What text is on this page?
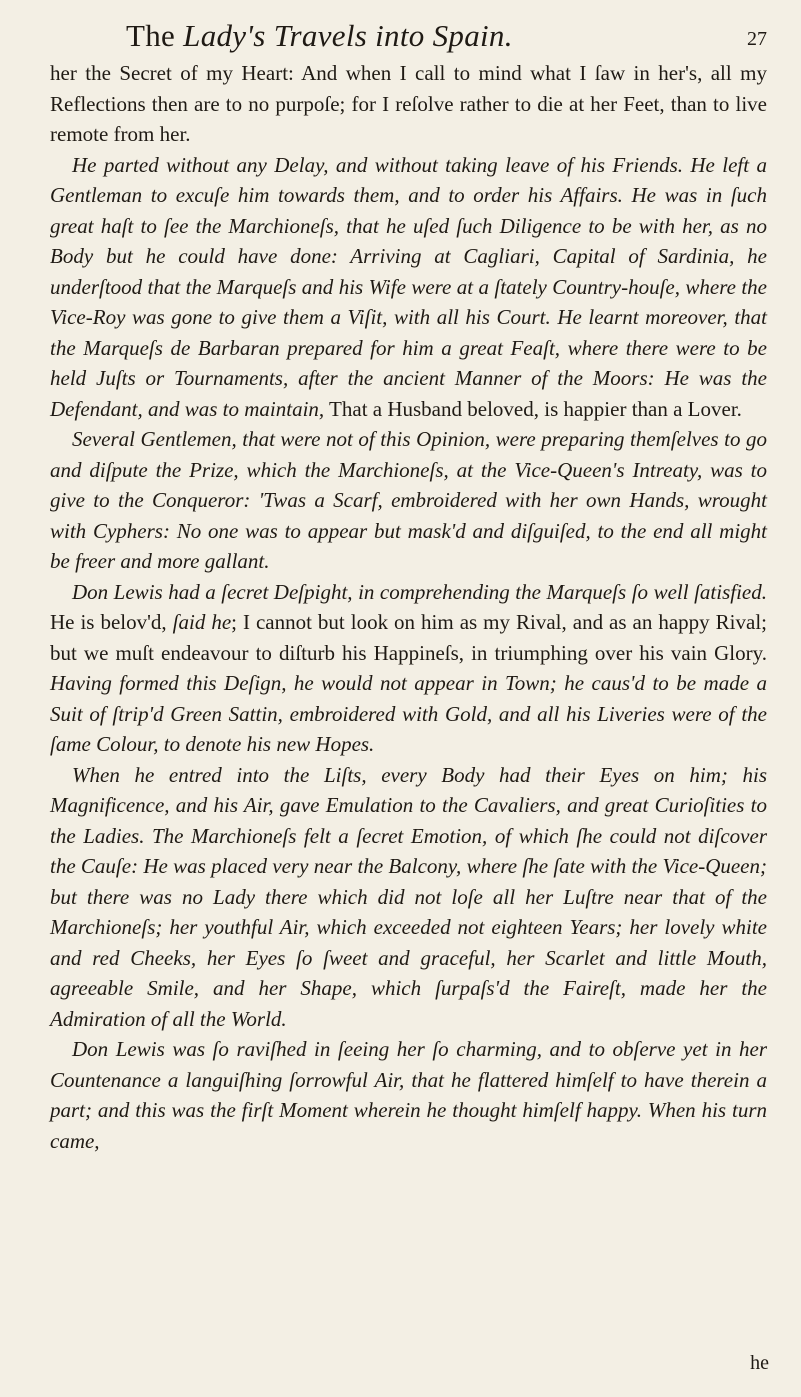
The Lady's Travels into Spain.	27

her the Secret of my Heart: And when I call to mind what I ſaw in her's, all my Reflections then are to no purpoſe; for I reſolve rather to die at her Feet, than to live remote from her.

He parted without any Delay, and without taking leave of his Friends. He left a Gentleman to excuſe him towards them, and to order his Affairs. He was in ſuch great haſt to ſee the Marchioneſs, that he uſed ſuch Diligence to be with her, as no Body but he could have done: Arriving at Cagliari, Capital of Sardinia, he underſtood that the Marqueſs and his Wife were at a ſtately Country-houſe, where the Vice-Roy was gone to give them a Viſit, with all his Court. He learnt moreover, that the Marqueſs de Barbaran prepared for him a great Feaſt, where there were to be held Juſts or Tournaments, after the ancient Manner of the Moors: He was the Defendant, and was to maintain, That a Husband beloved, is happier than a Lover.

Several Gentlemen, that were not of this Opinion, were preparing themſelves to go and diſpute the Prize, which the Marchioneſs, at the Vice-Queen's Intreaty, was to give to the Conqueror: 'Twas a Scarf, embroidered with her own Hands, wrought with Cyphers: No one was to appear but mask'd and diſguiſed, to the end all might be freer and more gallant.

Don Lewis had a ſecret Deſpight, in comprehending the Marqueſs ſo well ſatisfied. He is belov'd, ſaid he; I cannot but look on him as my Rival, and as an happy Rival; but we muſt endeavour to diſturb his Happineſs, in triumphing over his vain Glory. Having formed this Deſign, he would not appear in Town; he caus'd to be made a Suit of ſtrip'd Green Sattin, embroidered with Gold, and all his Liveries were of the ſame Colour, to denote his new Hopes.

When he entred into the Liſts, every Body had their Eyes on him; his Magnificence, and his Air, gave Emulation to the Cavaliers, and great Curioſities to the Ladies. The Marchioneſs felt a ſecret Emotion, of which ſhe could not diſcover the Cauſe: He was placed very near the Balcony, where ſhe ſate with the Vice-Queen; but there was no Lady there which did not loſe all her Luſtre near that of the Marchioneſs; her youthful Air, which exceeded not eighteen Years; her lovely white and red Cheeks, her Eyes ſo ſweet and graceful, her Scarlet and little Mouth, agreeable Smile, and her Shape, which ſurpaſs'd the Faireſt, made her the Admiration of all the World.

Don Lewis was ſo raviſhed in ſeeing her ſo charming, and to obſerve yet in her Countenance a languiſhing ſorrowful Air, that he flattered himſelf to have therein a part; and this was the firſt Moment wherein he thought himſelf happy. When his turn came,

he
